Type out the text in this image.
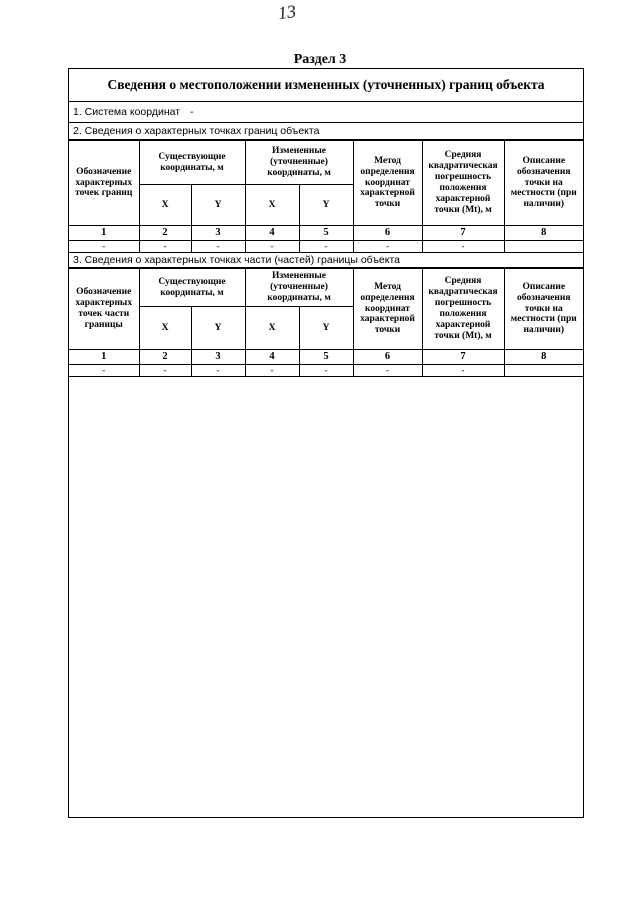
13
Раздел 3
Сведения о местоположении измененных (уточненных) границ объекта
1. Система координат -
2. Сведения о характерных точках границ объекта
Обозначение характерных точек границ	Существующие координаты, м		Измененные (уточненные) координаты, м		Метод определения координат характерной точки	Средняя квадратическая погрешность положения характерной точки (Mt), м	Описание обозначения точки на местности (при наличии)
	X	Y	X	Y			
1	2	3	4	5	6	7	8
-	-	-	-	-	-	-	
3. Сведения о характерных точках части (частей) границы объекта
Обозначение характерных точек части границы	Существующие координаты, м		Измененные (уточненные) координаты, м		Метод определения координат характерной точки	Средняя квадратическая погрешность положения характерной точки (Mt), м	Описание обозначения точки на местности (при наличии)
	X	Y	X	Y			
1	2	3	4	5	6	7	8
-	-	-	-	-	-	-	
